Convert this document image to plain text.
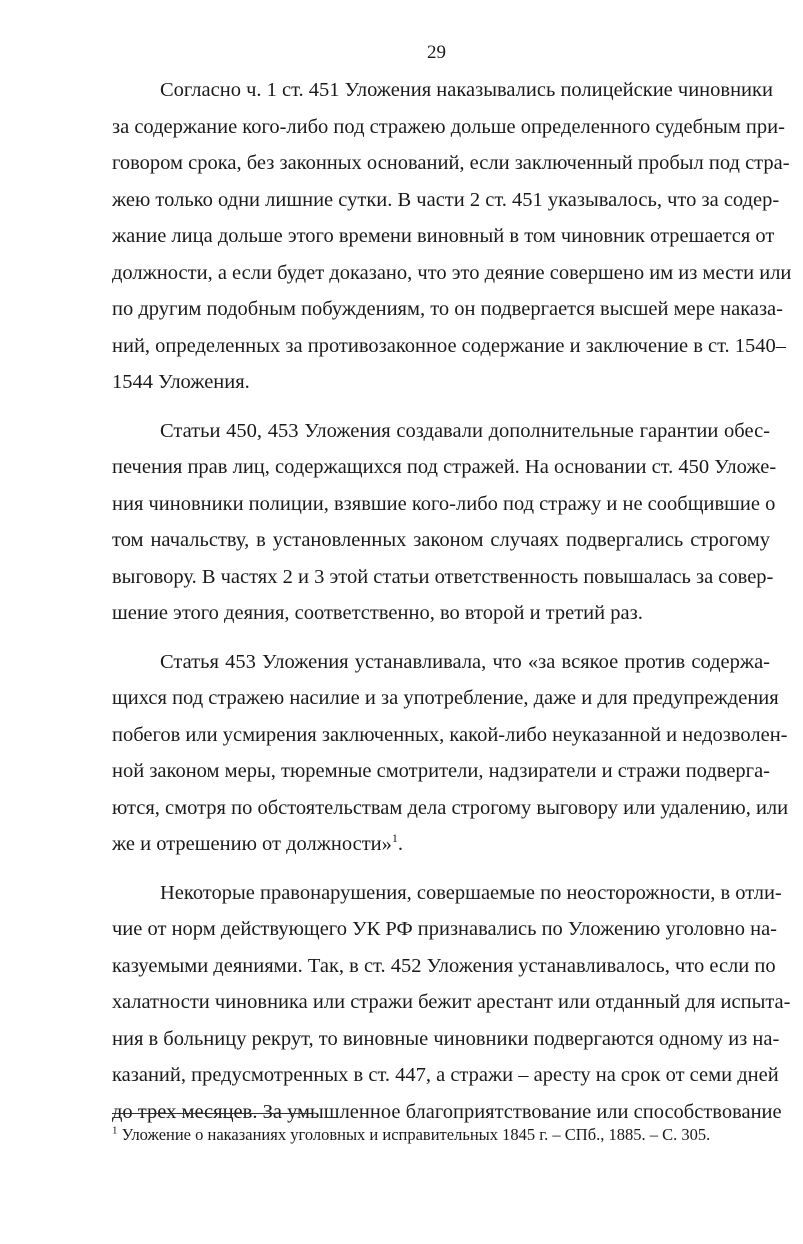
29

Согласно ч. 1 ст. 451 Уложения наказывались полицейские чиновники
за содержание кого-либо под стражею дольше определенного судебным при-
говором срока, без законных оснований, если заключенный пробыл под стра-
жею только одни лишние сутки. В части 2 ст. 451 указывалось, что за содер-
жание лица дольше этого времени виновный в том чиновник отрешается от
должности, а если будет доказано, что это деяние совершено им из мести или
по другим подобным побуждениям, то он подвергается высшей мере наказа-
ний, определенных за противозаконное содержание и заключение в ст. 1540–
1544 Уложения.

Статьи 450, 453 Уложения создавали дополнительные гарантии обес-
печения прав лиц, содержащихся под стражей. На основании ст. 450 Уложе-
ния чиновники полиции, взявшие кого-либо под стражу и не сообщившие о
том начальству, в установленных законом случаях подвергались строгому
выговору. В частях 2 и 3 этой статьи ответственность повышалась за совер-
шение этого деяния, соответственно, во второй и третий раз.

Статья 453 Уложения устанавливала, что «за всякое против содержа-
щихся под стражею насилие и за употребление, даже и для предупреждения
побегов или усмирения заключенных, какой-либо неуказанной и недозволен-
ной законом меры, тюремные смотрители, надзиратели и стражи подверга-
ются, смотря по обстоятельствам дела строгому выговору или удалению, или
же и отрешению от должности»$^1$.

Некоторые правонарушения, совершаемые по неосторожности, в отли-
чие от норм действующего УК РФ признавались по Уложению уголовно на-
казуемыми деяниями. Так, в ст. 452 Уложения устанавливалось, что если по
халатности чиновника или стражи бежит арестант или отданный для испыта-
ния в больницу рекрут, то виновные чиновники подвергаются одному из на-
казаний, предусмотренных в ст. 447, а стражи – аресту на срок от семи дней
до трех месяцев. За умышленное благоприятствование или способствование

$^1$ Уложение о наказаниях уголовных и исправительных 1845 г. – СПб., 1885. – С. 305.
